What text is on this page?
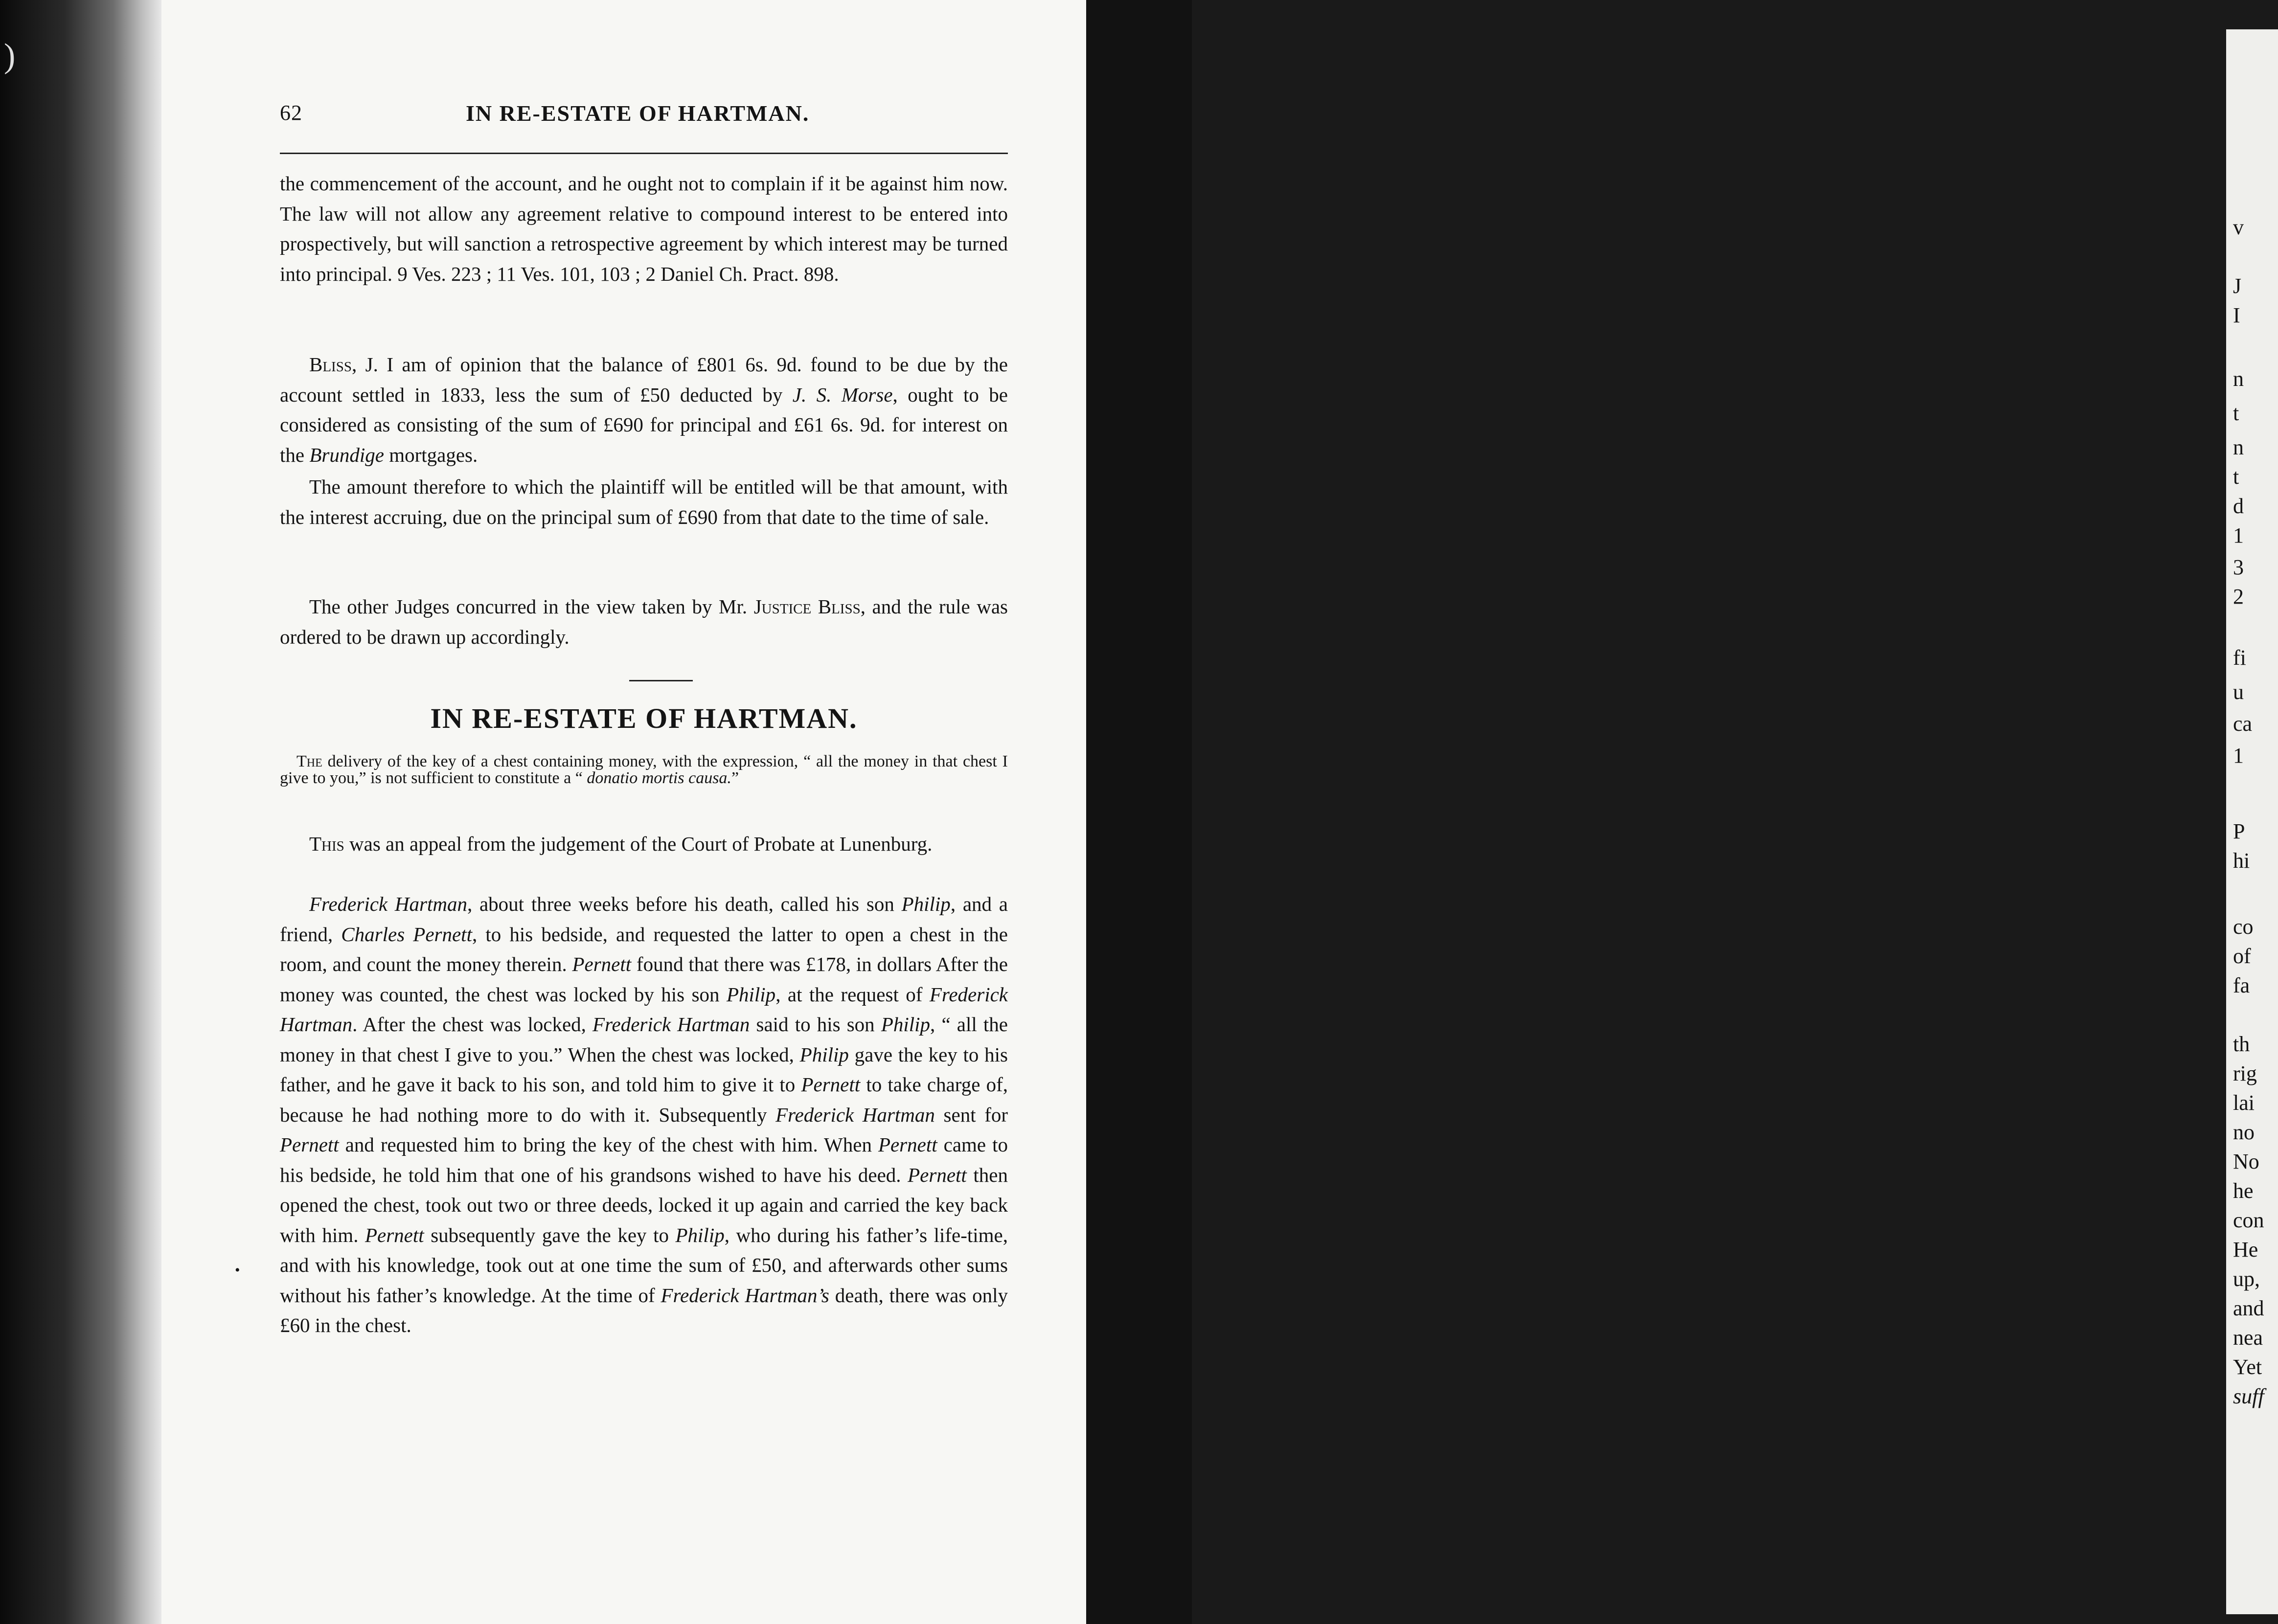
)
62	IN RE-ESTATE OF HARTMAN.

the commencement of the account, and he ought not to complain if it be against him now. The law will not allow any agreement relative to compound interest to be entered into prospectively, but will sanction a retrospective agreement by which interest may be turned into principal. 9 Ves. 223 ; 11 Ves. 101, 103 ; 2 Daniel Ch. Pract. 898.

Bliss, J. I am of opinion that the balance of £801 6s. 9d. found to be due by the account settled in 1833, less the sum of £50 deducted by J. S. Morse, ought to be considered as consisting of the sum of £690 for principal and £61 6s. 9d. for interest on the Brundige mortgages.

The amount therefore to which the plaintiff will be entitled will be that amount, with the interest accruing, due on the principal sum of £690 from that date to the time of sale.

The other Judges concurred in the view taken by Mr. Justice Bliss, and the rule was ordered to be drawn up accordingly.

IN RE-ESTATE OF HARTMAN.

The delivery of the key of a chest containing money, with the expression, “ all the money in that chest I give to you,” is not sufficient to constitute a “ donatio mortis causa.”

This was an appeal from the judgement of the Court of Probate at Lunenburg.

Frederick Hartman, about three weeks before his death, called his son Philip, and a friend, Charles Pernett, to his bedside, and requested the latter to open a chest in the room, and count the money therein. Pernett found that there was £178, in dollars After the money was counted, the chest was locked by his son Philip, at the request of Frederick Hartman. After the chest was locked, Frederick Hartman said to his son Philip, “ all the money in that chest I give to you.” When the chest was locked, Philip gave the key to his father, and he gave it back to his son, and told him to give it to Pernett to take charge of, because he had nothing more to do with it. Subsequently Frederick Hartman sent for Pernett and requested him to bring the key of the chest with him. When Pernett came to his bedside, he told him that one of his grandsons wished to have his deed. Pernett then opened the chest, took out two or three deeds, locked it up again and carried the key back with him. Pernett subsequently gave the key to Philip, who during his father’s life-time, and with his knowledge, took out at one time the sum of £50, and afterwards other sums without his father’s knowledge. At the time of Frederick Hartman’s death, there was only £60 in the chest.

•
v
J
I
n
t
n
t
d
1
3
2
fi
u
ca
1
P
hi
co
of
fa
th
rig
lai
no
No
he
con
He
up,
and
nea
Yet
suff
